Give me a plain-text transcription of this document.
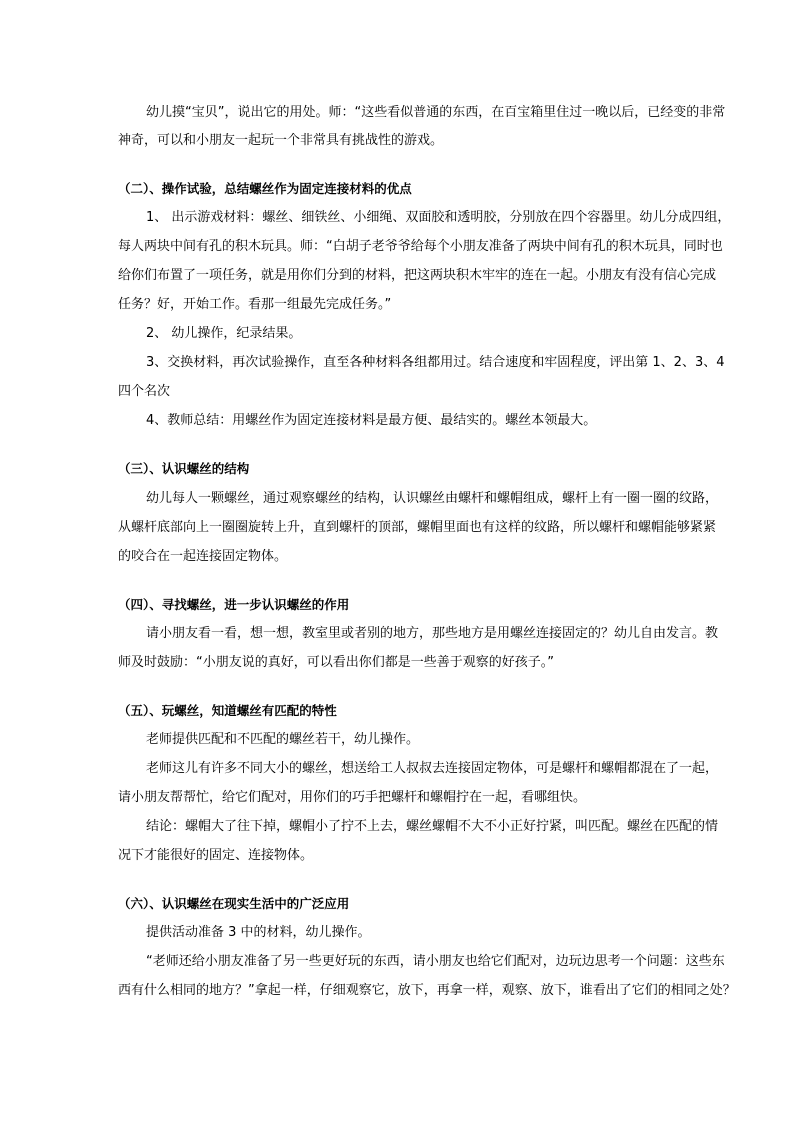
幼儿摸“宝贝”，说出它的用处。师：“这些看似普通的东西，在百宝箱里住过一晚以后，已经变的非常

神奇，可以和小朋友一起玩一个非常具有挑战性的游戏。

（二）、操作试验，总结螺丝作为固定连接材料的优点

1、 出示游戏材料：螺丝、细铁丝、小细绳、双面胶和透明胶，分别放在四个容器里。幼儿分成四组，

每人两块中间有孔的积木玩具。师：“白胡子老爷爷给每个小朋友准备了两块中间有孔的积木玩具，同时也

给你们布置了一项任务，就是用你们分到的材料，把这两块积木牢牢的连在一起。小朋友有没有信心完成

任务？好，开始工作。看那一组最先完成任务。”

2、 幼儿操作，纪录结果。

3、交换材料，再次试验操作，直至各种材料各组都用过。结合速度和牢固程度，评出第 1、2、3、4

四个名次

4、教师总结：用螺丝作为固定连接材料是最方便、最结实的。螺丝本领最大。

（三）、认识螺丝的结构

幼儿每人一颗螺丝，通过观察螺丝的结构，认识螺丝由螺杆和螺帽组成，螺杆上有一圈一圈的纹路，

从螺杆底部向上一圈圈旋转上升，直到螺杆的顶部，螺帽里面也有这样的纹路，所以螺杆和螺帽能够紧紧

的咬合在一起连接固定物体。

（四）、寻找螺丝，进一步认识螺丝的作用

请小朋友看一看，想一想，教室里或者别的地方，那些地方是用螺丝连接固定的？幼儿自由发言。教

师及时鼓励：“小朋友说的真好，可以看出你们都是一些善于观察的好孩子。”

（五）、玩螺丝，知道螺丝有匹配的特性

老师提供匹配和不匹配的螺丝若干，幼儿操作。

老师这儿有许多不同大小的螺丝，想送给工人叔叔去连接固定物体，可是螺杆和螺帽都混在了一起，

请小朋友帮帮忙，给它们配对，用你们的巧手把螺杆和螺帽拧在一起，看哪组快。

结论：螺帽大了往下掉，螺帽小了拧不上去，螺丝螺帽不大不小正好拧紧，叫匹配。螺丝在匹配的情

况下才能很好的固定、连接物体。

（六）、认识螺丝在现实生活中的广泛应用

提供活动准备 3 中的材料，幼儿操作。

“老师还给小朋友准备了另一些更好玩的东西，请小朋友也给它们配对，边玩边思考一个问题：这些东

西有什么相同的地方？”拿起一样，仔细观察它，放下，再拿一样，观察、放下，谁看出了它们的相同之处？
